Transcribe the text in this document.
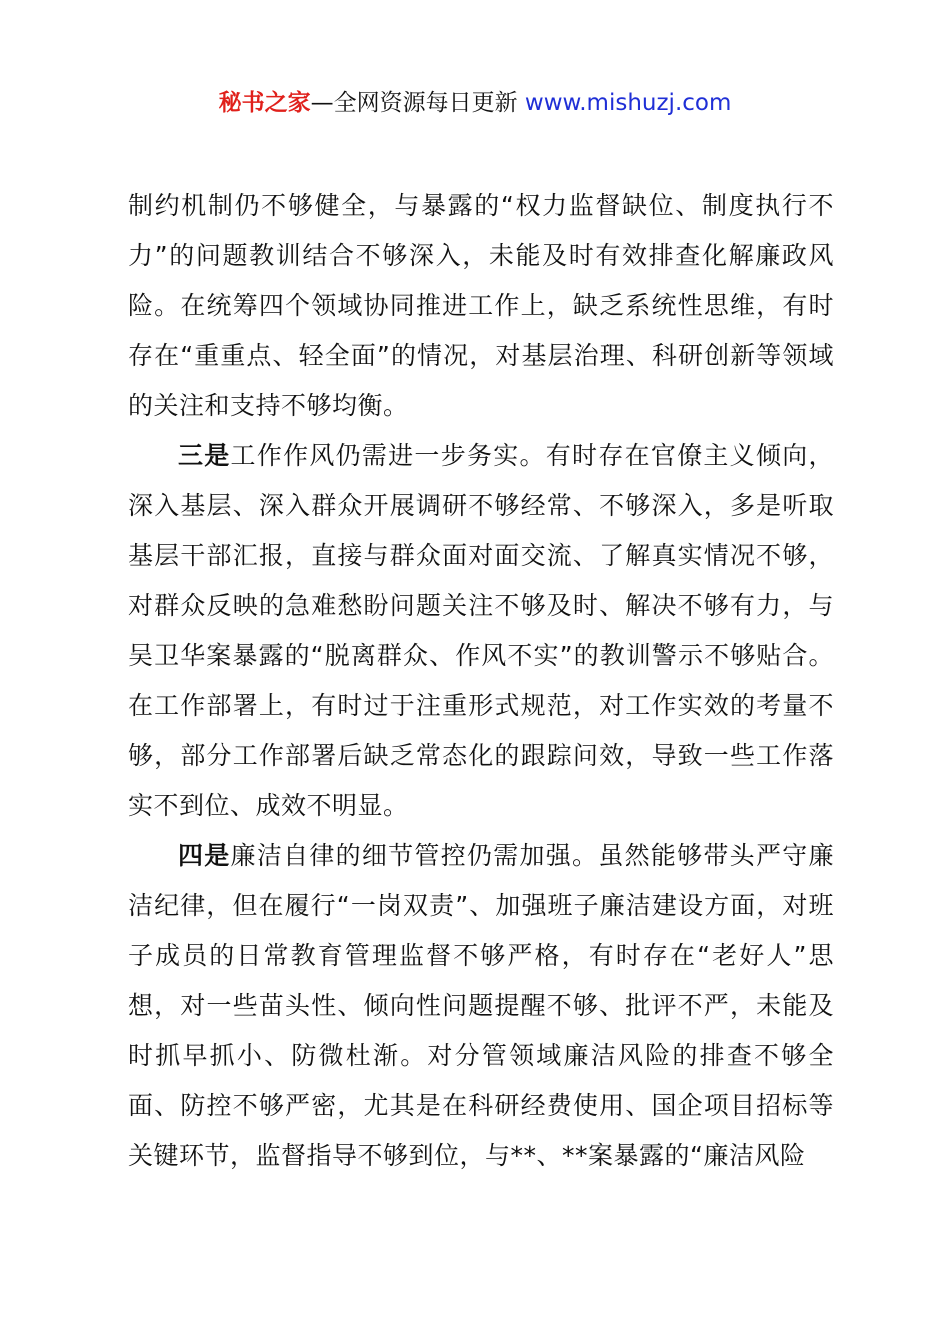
秘书之家—全网资源每日更新 www.mishuzj.com

制约机制仍不够健全，与暴露的“权力监督缺位、制度执行不力”的问题教训结合不够深入，未能及时有效排查化解廉政风险。在统筹四个领域协同推进工作上，缺乏系统性思维，有时存在“重重点、轻全面”的情况，对基层治理、科研创新等领域的关注和支持不够均衡。

三是工作作风仍需进一步务实。有时存在官僚主义倾向，深入基层、深入群众开展调研不够经常、不够深入，多是听取基层干部汇报，直接与群众面对面交流、了解真实情况不够，对群众反映的急难愁盼问题关注不够及时、解决不够有力，与吴卫华案暴露的“脱离群众、作风不实”的教训警示不够贴合。在工作部署上，有时过于注重形式规范，对工作实效的考量不够，部分工作部署后缺乏常态化的跟踪问效，导致一些工作落实不到位、成效不明显。

四是廉洁自律的细节管控仍需加强。虽然能够带头严守廉洁纪律，但在履行“一岗双责”、加强班子廉洁建设方面，对班子成员的日常教育管理监督不够严格，有时存在“老好人”思想，对一些苗头性、倾向性问题提醒不够、批评不严，未能及时抓早抓小、防微杜渐。对分管领域廉洁风险的排查不够全面、防控不够严密，尤其是在科研经费使用、国企项目招标等关键环节，监督指导不够到位，与**、**案暴露的“廉洁风险
